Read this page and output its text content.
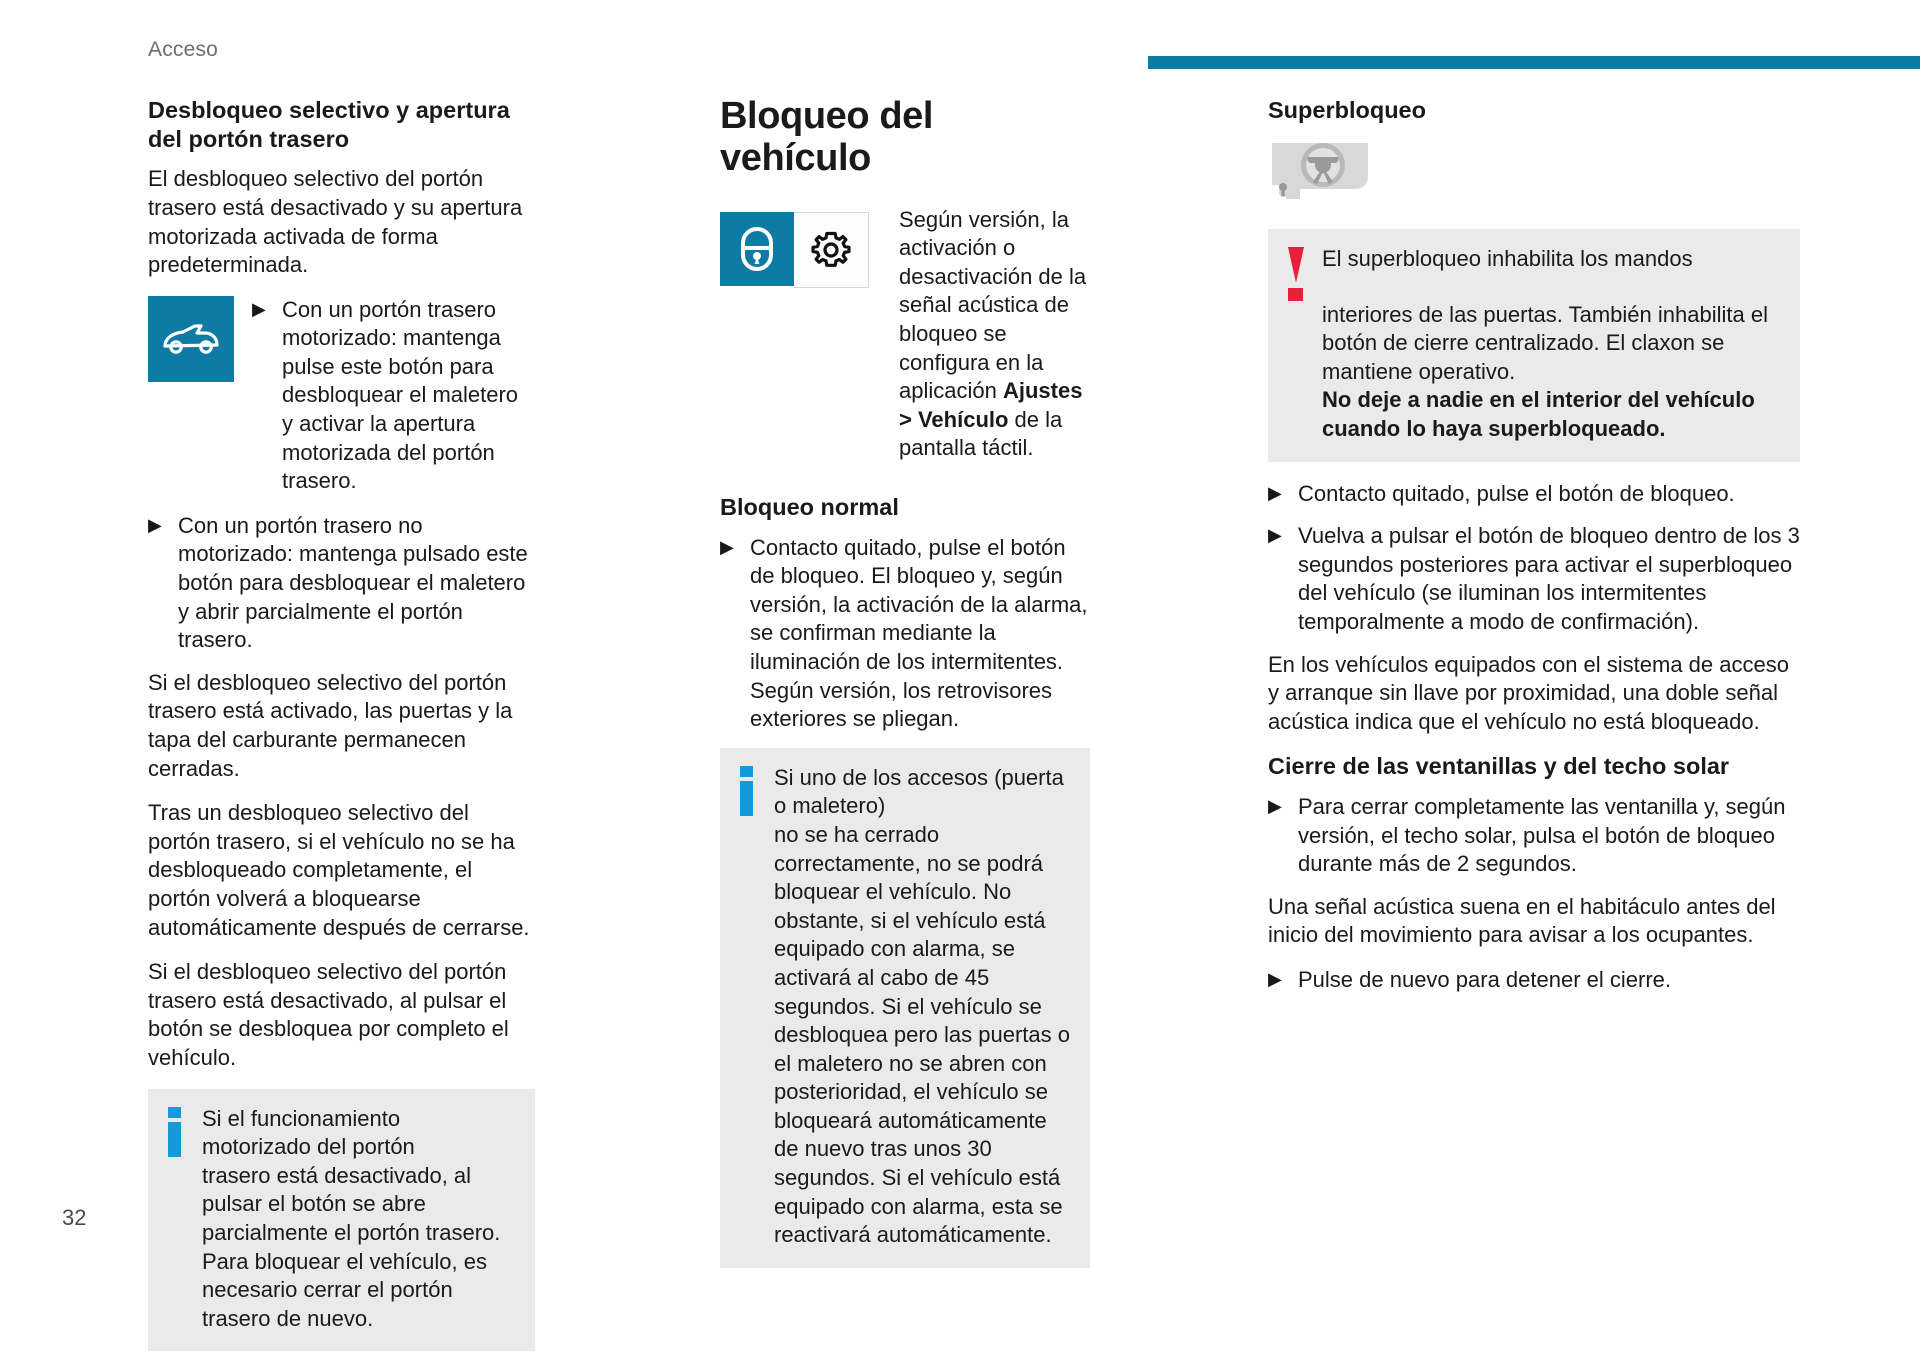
Acceso
Desbloqueo selectivo y apertura del portón trasero

El desbloqueo selectivo del portón trasero está desactivado y su apertura motorizada activada de forma predeterminada.

▶ Con un portón trasero motorizado: mantenga pulse este botón para desbloquear el maletero y activar la apertura motorizada del portón trasero.
▶ Con un portón trasero no motorizado: mantenga pulsado este botón para desbloquear el maletero y abrir parcialmente el portón trasero.

Si el desbloqueo selectivo del portón trasero está activado, las puertas y la tapa del carburante permanecen cerradas.

Tras un desbloqueo selectivo del portón trasero, si el vehículo no se ha desbloqueado completamente, el portón volverá a bloquearse automáticamente después de cerrarse.

Si el desbloqueo selectivo del portón trasero está desactivado, al pulsar el botón se desbloquea por completo el vehículo.

Si el funcionamiento motorizado del portón
trasero está desactivado, al pulsar el botón se abre parcialmente el portón trasero. Para bloquear el vehículo, es necesario cerrar el portón trasero de nuevo.
Bloqueo del vehículo

Según versión, la activación o desactivación de la señal acústica de bloqueo se configura en la aplicación Ajustes > Vehículo de la pantalla táctil.

Bloqueo normal
▶ Contacto quitado, pulse el botón de bloqueo. El bloqueo y, según versión, la activación de la alarma, se confirman mediante la iluminación de los intermitentes. Según versión, los retrovisores exteriores se pliegan.
Si uno de los accesos (puerta o maletero)
no se ha cerrado correctamente, no se podrá bloquear el vehículo. No obstante, si el vehículo está equipado con alarma, se activará al cabo de 45 segundos. Si el vehículo se desbloquea pero las puertas o el maletero no se abren con posterioridad, el vehículo se bloqueará automáticamente de nuevo tras unos 30 segundos. Si el vehículo está equipado con alarma, esta se reactivará automáticamente.
Superbloqueo
El superbloqueo inhabilita los mandos
interiores de las puertas. También inhabilita el botón de cierre centralizado. El claxon se mantiene operativo.
No deje a nadie en el interior del vehículo cuando lo haya superbloqueado.
▶ Contacto quitado, pulse el botón de bloqueo.
▶ Vuelva a pulsar el botón de bloqueo dentro de los 3 segundos posteriores para activar el superbloqueo del vehículo (se iluminan los intermitentes temporalmente a modo de confirmación).

En los vehículos equipados con el sistema de acceso y arranque sin llave por proximidad, una doble señal acústica indica que el vehículo no está bloqueado.

Cierre de las ventanillas y del techo solar
▶ Para cerrar completamente las ventanilla y, según versión, el techo solar, pulsa el botón de bloqueo durante más de 2 segundos.

Una señal acústica suena en el habitáculo antes del inicio del movimiento para avisar a los ocupantes.

▶ Pulse de nuevo para detener el cierre.
32
